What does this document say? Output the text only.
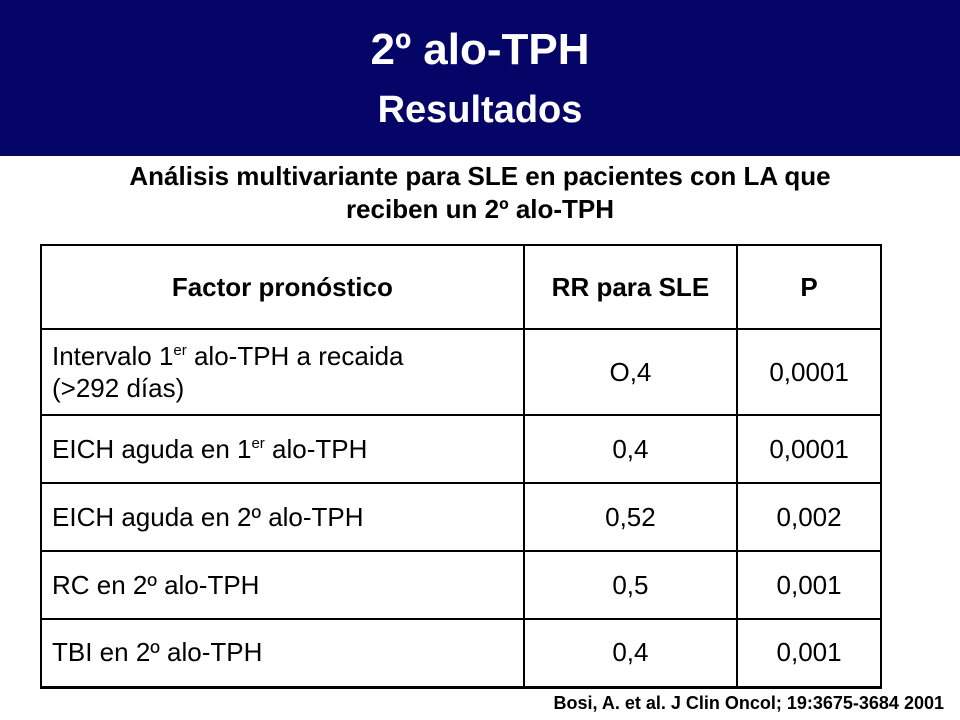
2º alo-TPH
Resultados
Análisis multivariante para SLE en pacientes con LA que
reciben un 2º alo-TPH
Factor pronóstico	RR para SLE	P
Intervalo 1er alo-TPH a recaida
(>292 días)	O,4	0,0001
EICH aguda en 1er alo-TPH	0,4	0,0001
EICH aguda en 2º alo-TPH	0,52	0,002
RC en 2º alo-TPH	0,5	0,001
TBI en 2º alo-TPH	0,4	0,001
Bosi, A. et al. J Clin Oncol; 19:3675-3684 2001
